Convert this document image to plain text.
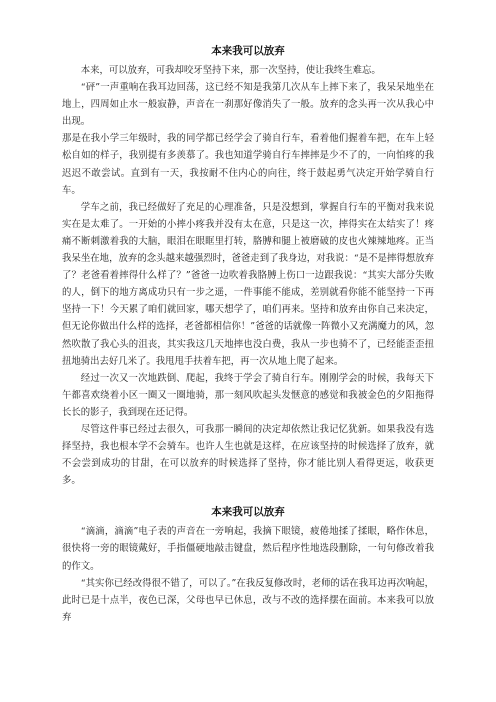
本来我可以放弃

本来，可以放弃，可我却咬牙坚持下来，那一次坚持，使让我终生难忘。

“砰”一声重响在我耳边回荡，这已经不知是我第几次从车上摔下来了，我呆呆地坐在地上，四周如止水一般寂静，声音在一刹那好像消失了一般。放弃的念头再一次从我心中出现。

那是在我小学三年级时，我的同学都已经学会了骑自行车，看着他们握着车把，在车上轻松自如的样子，我别提有多羡慕了。我也知道学骑自行车摔摔是少不了的，一向怕疼的我迟迟不敢尝试。直到有一天，我按耐不住内心的向往，终于鼓起勇气决定开始学骑自行车。

学车之前，我已经做好了充足的心理准备，只是没想到，掌握自行车的平衡对我来说实在是太难了。一开始的小摔小疼我并没有太在意，只是这一次，摔得实在太结实了！疼痛不断刺激着我的大脑，眼泪在眼眶里打转，胳膊和腿上被磨破的皮也火辣辣地疼。正当我呆坐在地，放弃的念头越来越强烈时，爸爸走到了我身边，对我说：“是不是摔得想放弃了？老爸看着摔得什么样了？”爸爸一边吹着我胳膊上伤口一边跟我说：“其实大部分失败的人，倒下的地方离成功只有一步之遥，一件事能不能成，差别就看你能不能坚持一下再坚持一下！今天累了咱们就回家，哪天想学了，咱们再来。坚持和放弃由你自己来决定，但无论你做出什么样的选择，老爸都相信你！”爸爸的话就像一阵微小又充满魔力的风，忽然吹散了我心头的沮丧，其实我这几天地摔也没白费，我从一步也骑不了，已经能歪歪扭扭地骑出去好几米了。我甩甩手扶着车把，再一次从地上爬了起来。

经过一次又一次地跌倒、爬起，我终于学会了骑自行车。刚刚学会的时候，我每天下午都喜欢绕着小区一圈又一圈地骑，那一刻风吹起头发惬意的感觉和我被金色的夕阳拖得长长的影子，我到现在还记得。

尽管这件事已经过去很久，可我那一瞬间的决定却依然让我记忆犹新。如果我没有选择坚持，我也根本学不会骑车。也许人生也就是这样，在应该坚持的时候选择了放弃，就不会尝到成功的甘甜，在可以放弃的时候选择了坚持，你才能比别人看得更远，收获更多。

本来我可以放弃

“滴滴，滴滴”电子表的声音在一旁响起，我摘下眼镜，疲倦地揉了揉眼，略作休息，很快将一旁的眼镜戴好，手指僵硬地敲击键盘，然后程序性地选段删除，一句句修改着我的作文。

“其实你已经改得很不错了，可以了。”在我反复修改时，老师的话在我耳边再次响起，此时已是十点半，夜色已深，父母也早已休息，改与不改的选择摆在面前。本来我可以放弃
